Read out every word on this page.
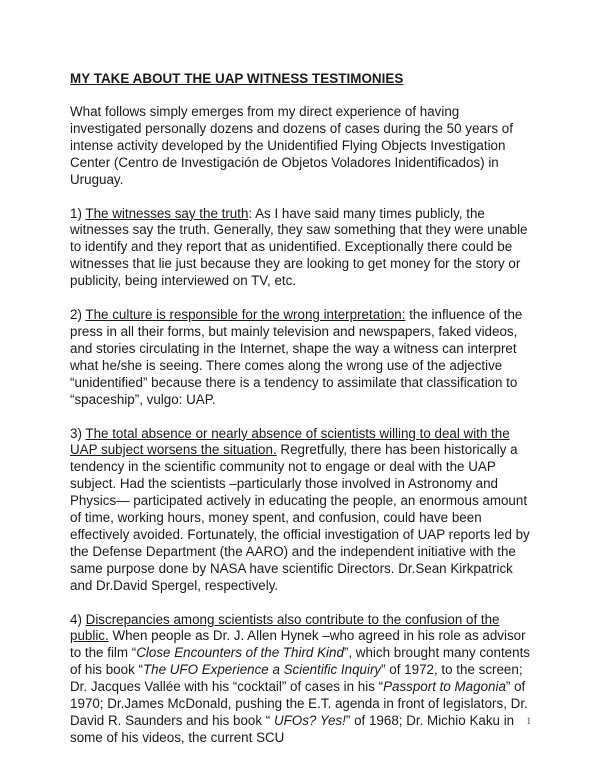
MY TAKE ABOUT THE UAP WITNESS TESTIMONIES

What follows simply emerges from my direct experience of having investigated personally dozens and dozens of cases during the 50 years of intense activity developed by the Unidentified Flying Objects Investigation Center (Centro de Investigación de Objetos Voladores Inidentificados) in Uruguay.

1) The witnesses say the truth: As I have said many times publicly, the witnesses say the truth. Generally, they saw something that they were unable to identify and they report that as unidentified. Exceptionally there could be witnesses that lie just because they are looking to get money for the story or publicity, being interviewed on TV, etc.

2) The culture is responsible for the wrong interpretation: the influence of the press in all their forms, but mainly television and newspapers, faked videos, and stories circulating in the Internet, shape the way a witness can interpret what he/she is seeing. There comes along the wrong use of the adjective “unidentified” because there is a tendency to assimilate that classification to “spaceship”, vulgo: UAP.

3) The total absence or nearly absence of scientists willing to deal with the UAP subject worsens the situation. Regretfully, there has been historically a tendency in the scientific community not to engage or deal with the UAP subject. Had the scientists –particularly those involved in Astronomy and Physics— participated actively in educating the people, an enormous amount of time, working hours, money spent, and confusion, could have been effectively avoided. Fortunately, the official investigation of UAP reports led by the Defense Department (the AARO) and the independent initiative with the same purpose done by NASA have scientific Directors. Dr.Sean Kirkpatrick and Dr.David Spergel, respectively.

4) Discrepancies among scientists also contribute to the confusion of the public. When people as Dr. J. Allen Hynek –who agreed in his role as advisor to the film “Close Encounters of the Third Kind”, which brought many contents of his book “The UFO Experience a Scientific Inquiry” of 1972, to the screen; Dr. Jacques Vallée with his “cocktail” of cases in his “Passport to Magonia” of 1970; Dr.James McDonald, pushing the E.T. agenda in front of legislators, Dr. David R. Saunders and his book “ UFOs? Yes!” of 1968; Dr. Michio Kaku in some of his videos, the current SCU

1
